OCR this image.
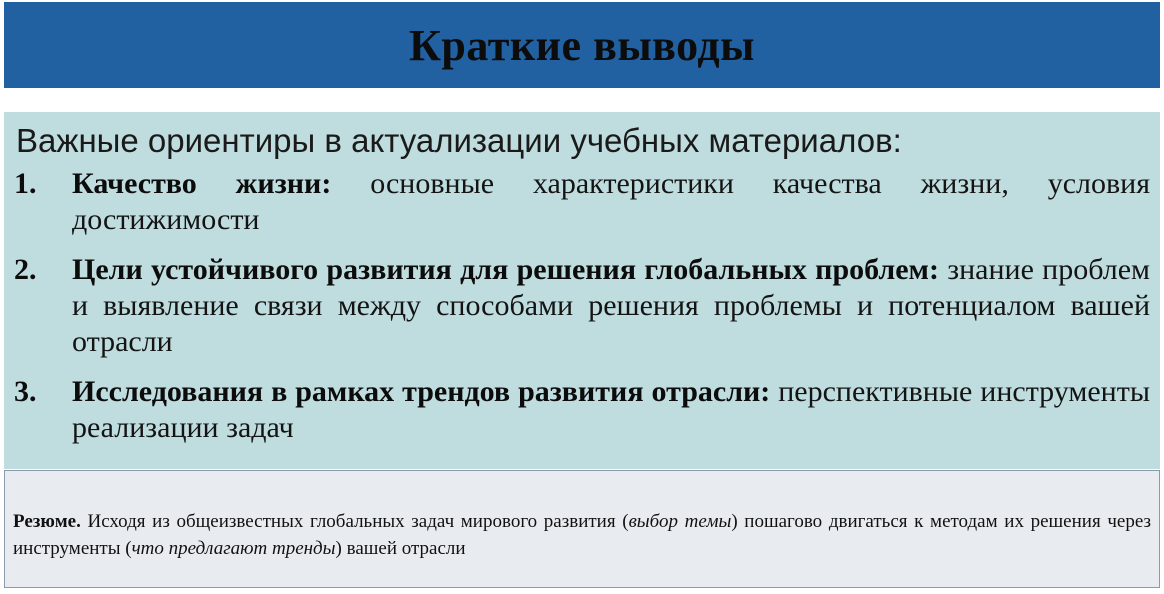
Краткие выводы

Важные ориентиры в актуализации учебных материалов:

1.	Качество жизни: основные характеристики качества жизни, условия достижимости
2.	Цели устойчивого развития для решения глобальных проблем: знание проблем и выявление связи между способами решения проблемы и потенциалом вашей отрасли
3.	Исследования в рамках трендов развития отрасли: перспективные инструменты реализации задач

Резюме. Исходя из общеизвестных глобальных задач мирового развития (выбор темы) пошагово двигаться к методам их решения через инструменты (что предлагают тренды) вашей отрасли
